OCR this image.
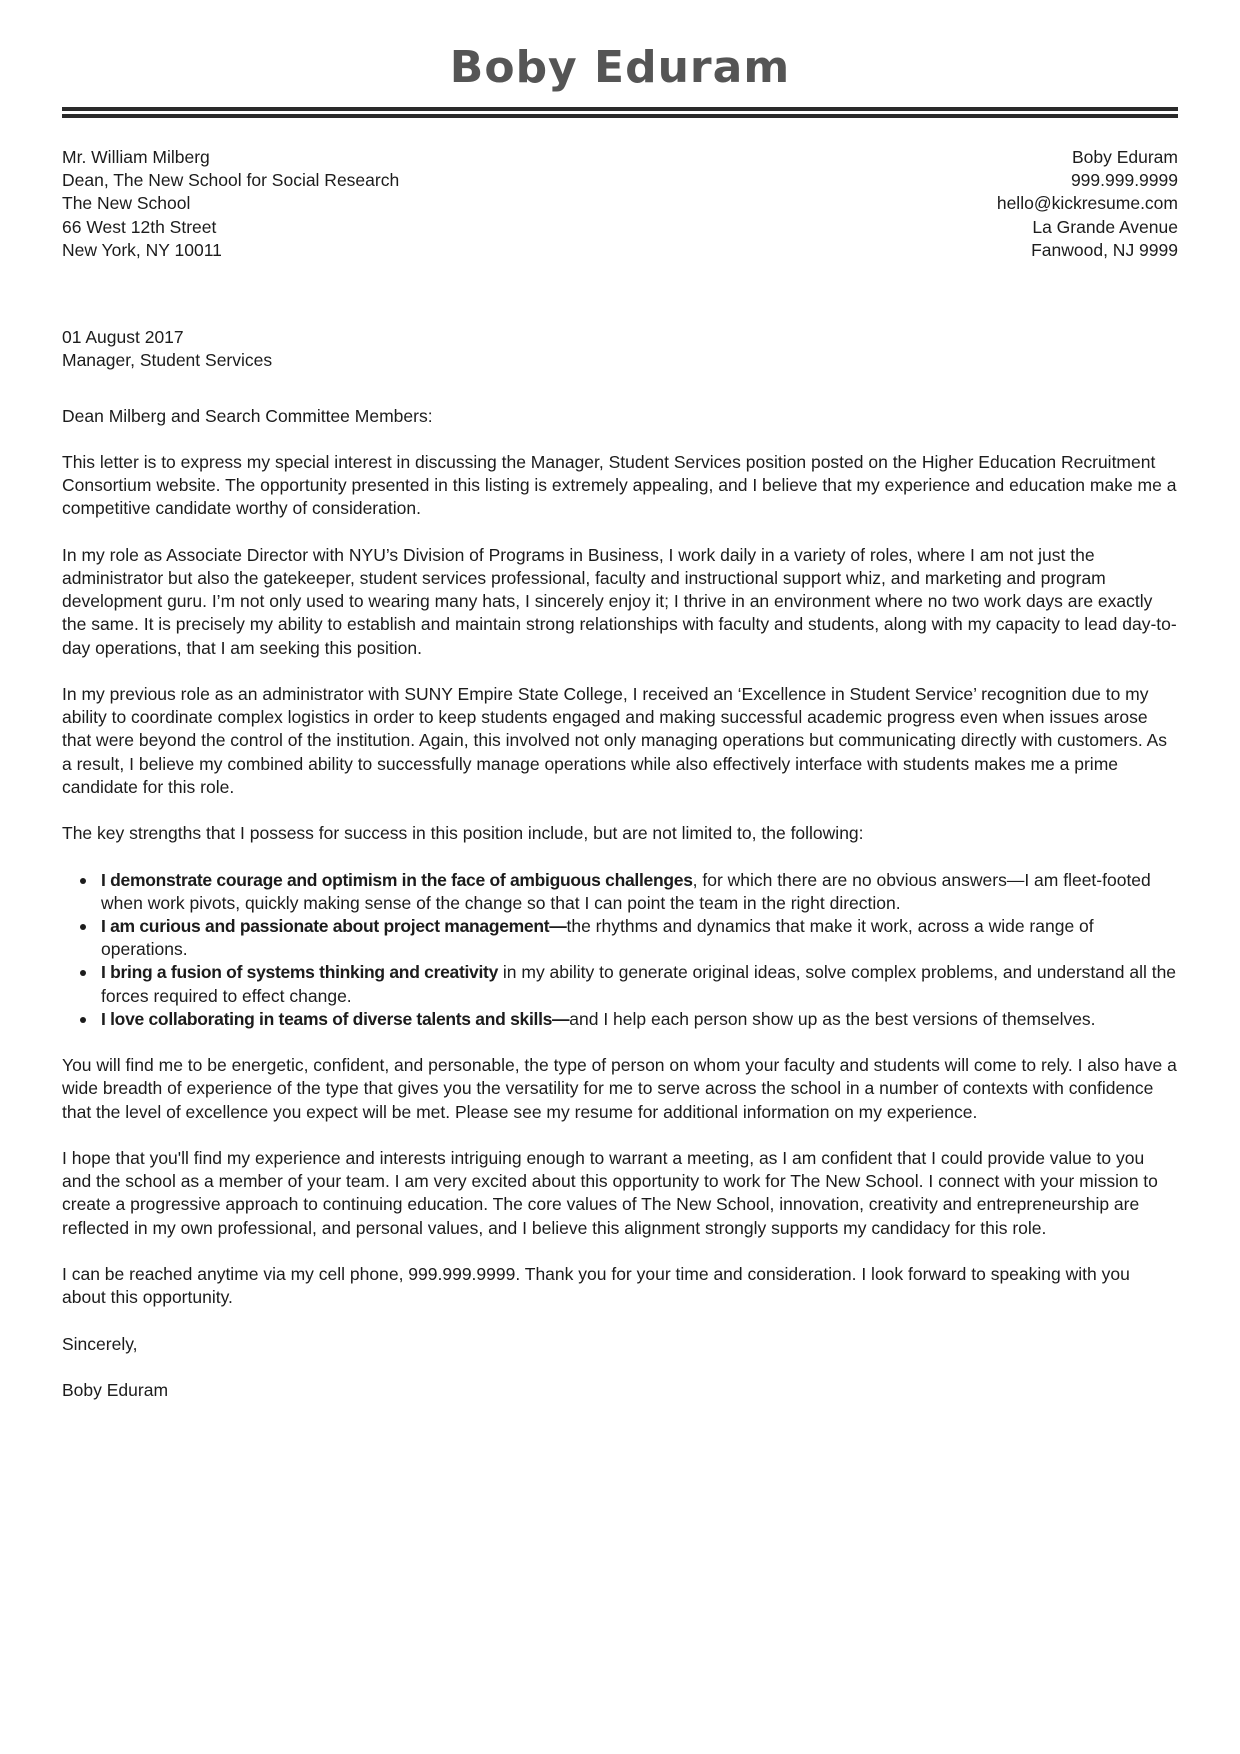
Boby Eduram
Mr. William Milberg
Dean, The New School for Social Research
The New School
66 West 12th Street
New York, NY 10011
Boby Eduram
999.999.9999
hello@kickresume.com
La Grande Avenue
Fanwood, NJ 9999

01 August 2017

Manager, Student Services

Dean Milberg and Search Committee Members:

This letter is to express my special interest in discussing the Manager, Student Services position posted on the Higher Education Recruitment Consortium website. The opportunity presented in this listing is extremely appealing, and I believe that my experience and education make me a competitive candidate worthy of consideration.

In my role as Associate Director with NYU’s Division of Programs in Business, I work daily in a variety of roles, where I am not just the administrator but also the gatekeeper, student services professional, faculty and instructional support whiz, and marketing and program development guru. I’m not only used to wearing many hats, I sincerely enjoy it; I thrive in an environment where no two work days are exactly the same. It is precisely my ability to establish and maintain strong relationships with faculty and students, along with my capacity to lead day-to-day operations, that I am seeking this position.

In my previous role as an administrator with SUNY Empire State College, I received an ‘Excellence in Student Service’ recognition due to my ability to coordinate complex logistics in order to keep students engaged and making successful academic progress even when issues arose that were beyond the control of the institution. Again, this involved not only managing operations but communicating directly with customers. As a result, I believe my combined ability to successfully manage operations while also effectively interface with students makes me a prime candidate for this role.

The key strengths that I possess for success in this position include, but are not limited to, the following:

I demonstrate courage and optimism in the face of ambiguous challenges, for which there are no obvious answers—I am fleet-footed when work pivots, quickly making sense of the change so that I can point the team in the right direction.
I am curious and passionate about project management—the rhythms and dynamics that make it work, across a wide range of operations.
I bring a fusion of systems thinking and creativity in my ability to generate original ideas, solve complex problems, and understand all the forces required to effect change.
I love collaborating in teams of diverse talents and skills—and I help each person show up as the best versions of themselves.

You will find me to be energetic, confident, and personable, the type of person on whom your faculty and students will come to rely. I also have a wide breadth of experience of the type that gives you the versatility for me to serve across the school in a number of contexts with confidence that the level of excellence you expect will be met. Please see my resume for additional information on my experience.

I hope that you'll find my experience and interests intriguing enough to warrant a meeting, as I am confident that I could provide value to you and the school as a member of your team. I am very excited about this opportunity to work for The New School. I connect with your mission to create a progressive approach to continuing education. The core values of The New School, innovation, creativity and entrepreneurship are reflected in my own professional, and personal values, and I believe this alignment strongly supports my candidacy for this role.

I can be reached anytime via my cell phone, 999.999.9999. Thank you for your time and consideration. I look forward to speaking with you about this opportunity.

Sincerely,

Boby Eduram
